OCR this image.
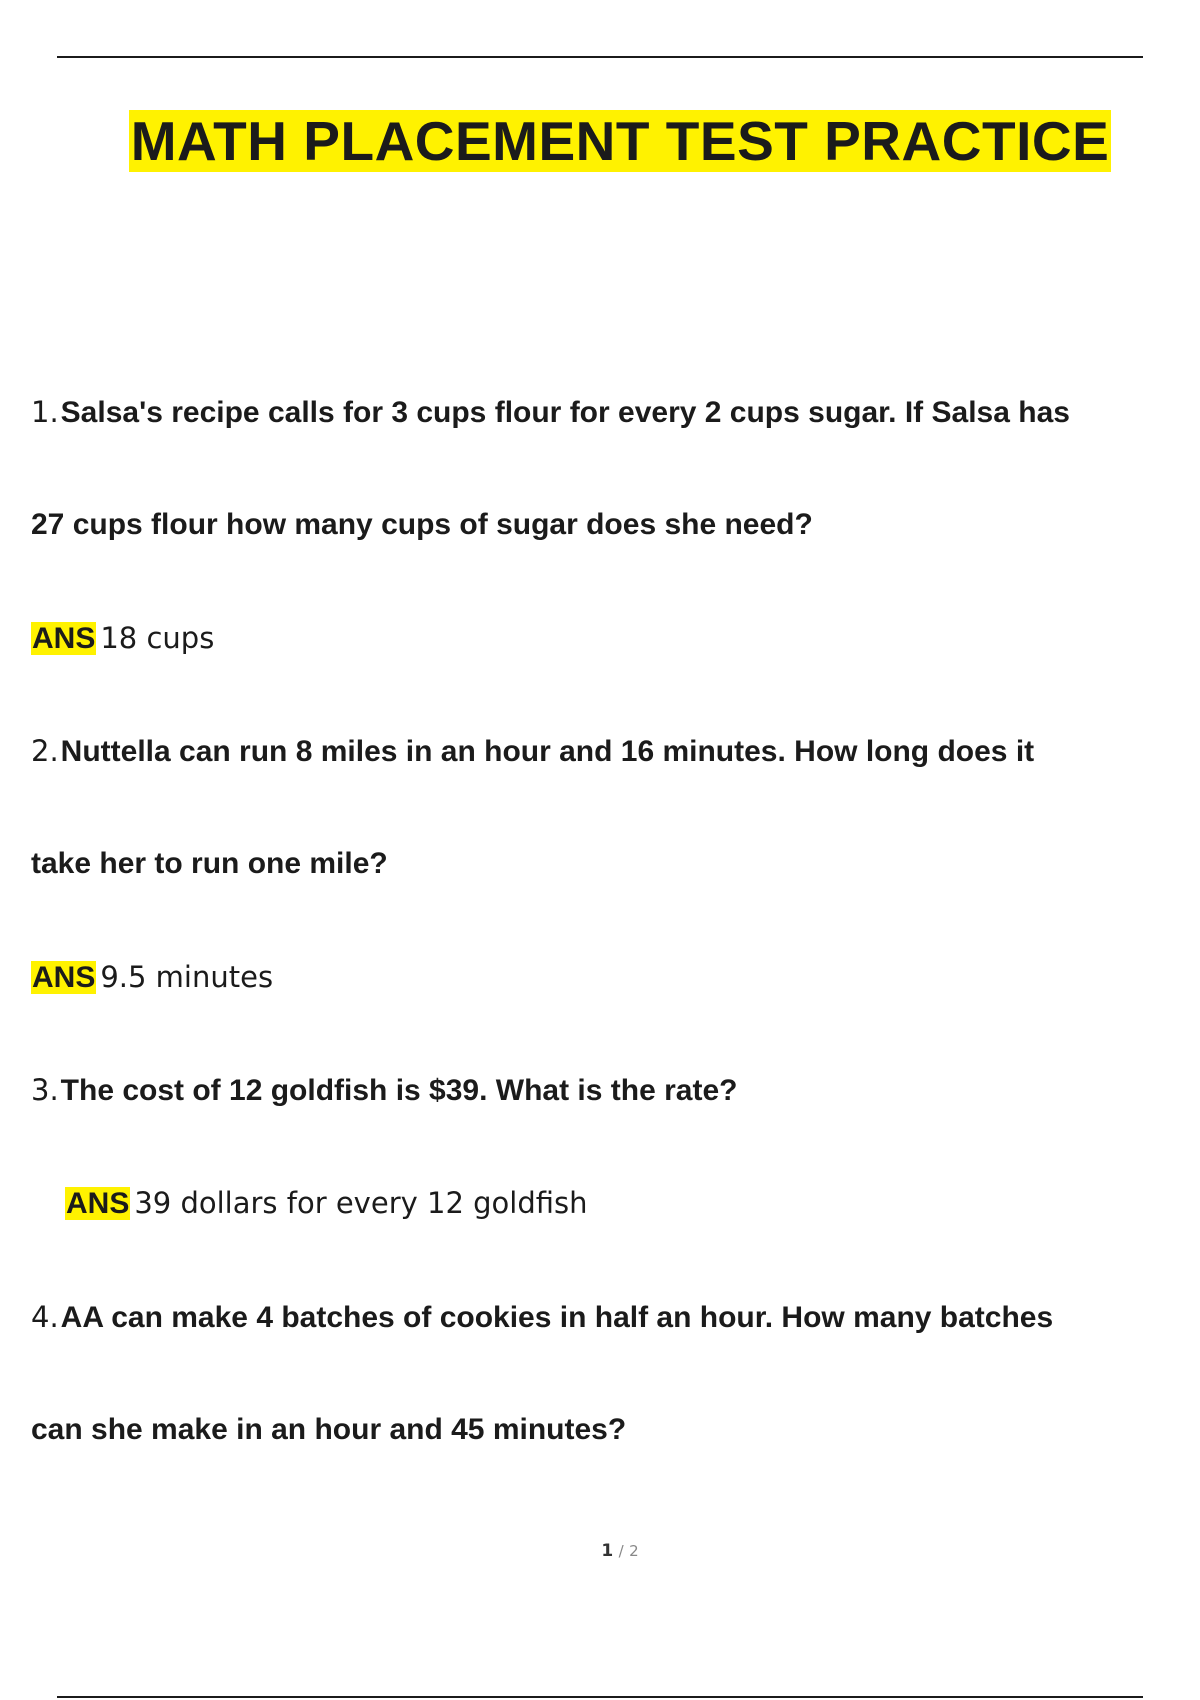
MATH PLACEMENT TEST PRACTICE
1.Salsa's recipe calls for 3 cups flour for every 2 cups sugar. If Salsa has
27 cups flour how many cups of sugar does she need?
ANS 18 cups
2.Nuttella can run 8 miles in an hour and 16 minutes. How long does it
take her to run one mile?
ANS 9.5 minutes
3.The cost of 12 goldfish is $39. What is the rate?
ANS 39 dollars for every 12 goldfish
4.AA can make 4 batches of cookies in half an hour. How many batches
can she make in an hour and 45 minutes?
1 / 2
